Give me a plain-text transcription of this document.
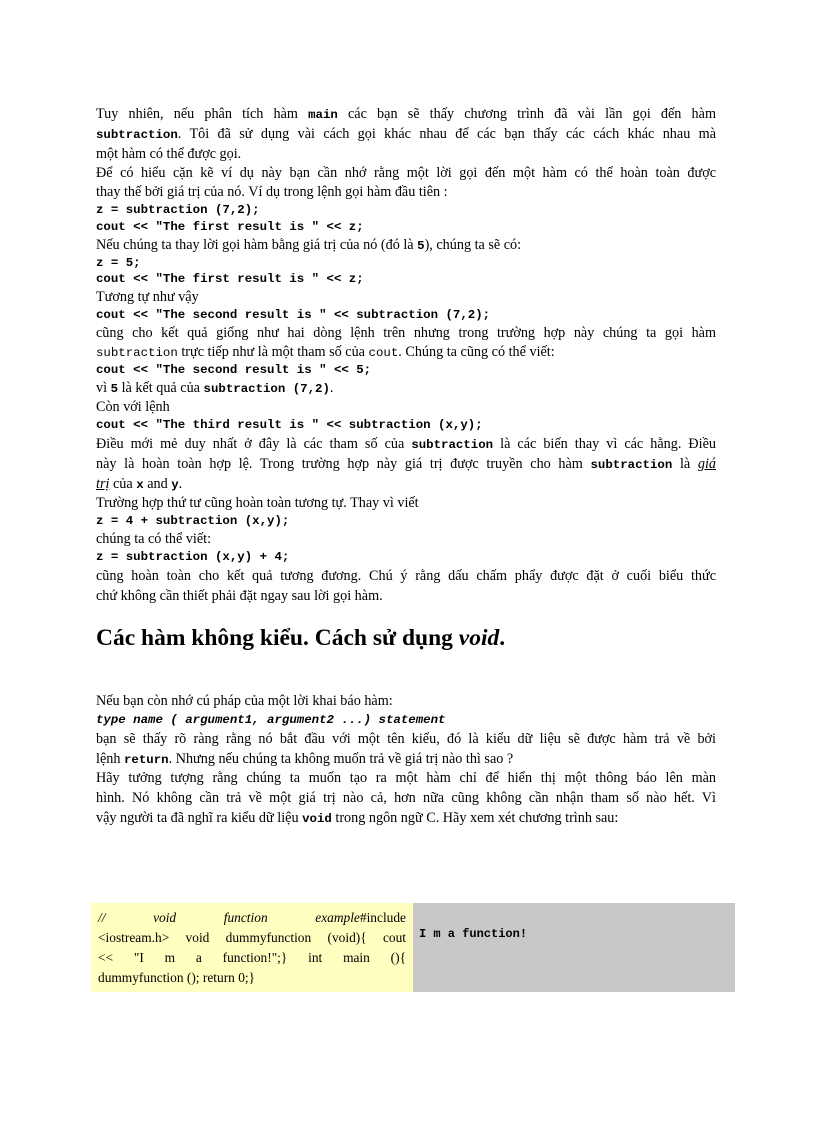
Tuy nhiên, nếu phân tích hàm main các bạn sẽ thấy chương trình đã vài lần gọi đến hàm
subtraction. Tôi đã sử dụng vài cách gọi khác nhau để các bạn thấy các cách khác nhau mà
một hàm có thể được gọi.
Để có hiểu cặn kẽ ví dụ này bạn cần nhớ rằng một lời gọi đến một hàm có thể hoàn toàn được
thay thế bởi giá trị của nó. Ví dụ trong lệnh gọi hàm đầu tiên :
z = subtraction (7,2);
cout << "The first result is " << z;
Nếu chúng ta thay lời gọi hàm bằng giá trị của nó (đó là 5), chúng ta sẽ có:
z = 5;
cout << "The first result is " << z;
Tương tự như vậy
cout << "The second result is " << subtraction (7,2);
cũng cho kết quả giống như hai dòng lệnh trên nhưng trong trường hợp này chúng ta gọi hàm
subtraction trực tiếp như là một tham số của cout. Chúng ta cũng có thể viết:
cout << "The second result is " << 5;
vì 5 là kết quả của subtraction (7,2).
Còn với lệnh
cout << "The third result is " << subtraction (x,y);
Điều mới mẻ duy nhất ở đây là các tham số của subtraction là các biến thay vì các hằng. Điều
này là hoàn toàn hợp lệ. Trong trường hợp này giá trị được truyền cho hàm subtraction là giá
trị của x and y.
Trường hợp thứ tư cũng hoàn toàn tương tự. Thay vì viết
z = 4 + subtraction (x,y);
chúng ta có thể viết:
z = subtraction (x,y) + 4;
cũng hoàn toàn cho kết quả tương đương. Chú ý rằng dấu chấm phẩy được đặt ở cuối biểu thức
chứ không cần thiết phải đặt ngay sau lời gọi hàm.
Các hàm không kiểu. Cách sử dụng void.
Nếu bạn còn nhớ cú pháp của một lời khai báo hàm:
type name ( argument1, argument2 ...) statement
bạn sẽ thấy rõ ràng rằng nó bắt đầu với một tên kiểu, đó là kiểu dữ liệu sẽ được hàm trả về bởi
lệnh return. Nhưng nếu chúng ta không muốn trả về giá trị nào thì sao ?
Hãy tưởng tượng rằng chúng ta muốn tạo ra một hàm chỉ để hiển thị một thông báo lên màn
hình. Nó không cần trả về một giá trị nào cả, hơn nữa cũng không cần nhận tham số nào hết. Vì
vậy người ta đã nghĩ ra kiểu dữ liệu void trong ngôn ngữ C. Hãy xem xét chương trình sau:
// void function example#include
<iostream.h> void dummyfunction (void){ cout
<< "I m a function!";} int main (){
dummyfunction (); return 0;}
I m a function!
